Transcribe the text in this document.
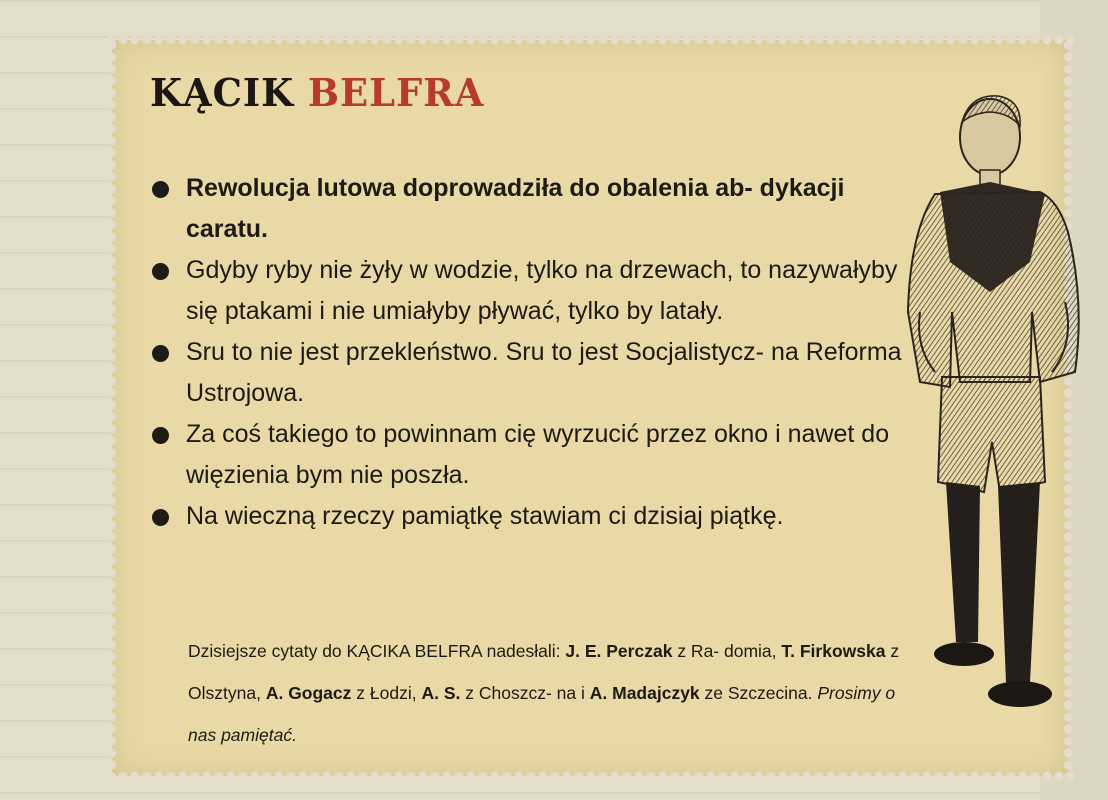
KĄCIK BELFRA
Rewolucja lutowa doprowadziła do obalenia ab- dykacji caratu.
Gdyby ryby nie żyły w wodzie, tylko na drzewach, to nazywałyby się ptakami i nie umiałyby pływać, tylko by latały.
Sru to nie jest przekleństwo. Sru to jest Socjalistycz- na Reforma Ustrojowa.
Za coś takiego to powinnam cię wyrzucić przez okno i nawet do więzienia bym nie poszła.
Na wieczną rzeczy pamiątkę stawiam ci dzisiaj piątkę.

Dzisiejsze cytaty do KĄCIKA BELFRA nadesłali: J. E. Perczak z Ra- domia, T. Firkowska z Olsztyna, A. Gogacz z Łodzi, A. S. z Choszcz- na i A. Madajczyk ze Szczecina. Prosimy o nas pamiętać.
